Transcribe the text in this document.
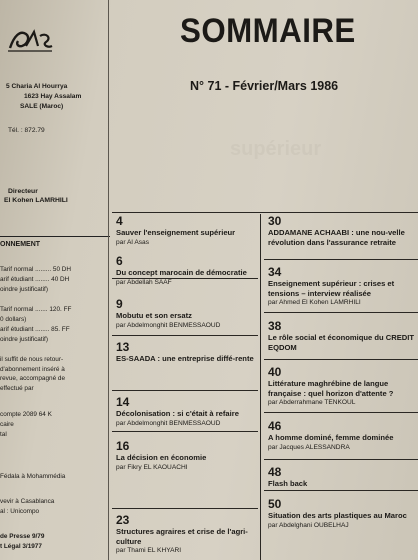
supérieur
5 Charia Al Hourrya
1623 Hay Assalam
SALE (Maroc)
Tél. : 872.79
Directeur
El Kohen LAMRHILI
ONNEMENT
Tarif normal ......... 50 DH
arif étudiant ........ 40 DH
oindre justificatif)
Tarif normal ....... 120. FF
0 dollars)
arif étudiant ........ 85. FF
oindre justificatif)
il suffit de nous retour-
d'abonnement inséré à
revue, accompagné de
effectué par
compte 2089 64 K
caire
tal
Fédala à Mohammédia
vevir à Casablanca
al : Unicompo
de Presse 9/79
t Légal 3/1977
SOMMAIRE
N° 71 - Février/Mars 1986
4
Sauver l'enseignement supérieur
par Al Asas
6
Du concept marocain de démocratie
par Abdellah SAAF
9
Mobutu et son ersatz
par Abdelmonghit BENMESSAOUD
13
ES-SAADA : une entreprise diffé-rente
14
Décolonisation : si c'était à refaire
par Abdelmonghit BENMESSAOUD
16
La décision en économie
par Fikry EL KAOUACHI
23
Structures agraires et crise de l'agri-culture
par Thami EL KHYARI
30
ADDAMANE ACHAABI : une nou-velle révolution dans l'assurance retraite
34
Enseignement supérieur : crises et tensions – interview réalisée
par Ahmed El Kohen LAMRHILI
38
Le rôle social et économique du CREDIT EQDOM
40
Littérature maghrébine de langue française : quel horizon d'attente ?
par Abderrahmane TENKOUL
46
A homme dominé, femme dominée
par Jacques ALESSANDRA
48
Flash back
50
Situation des arts plastiques au Maroc
par Abdelghani OUBELHAJ
